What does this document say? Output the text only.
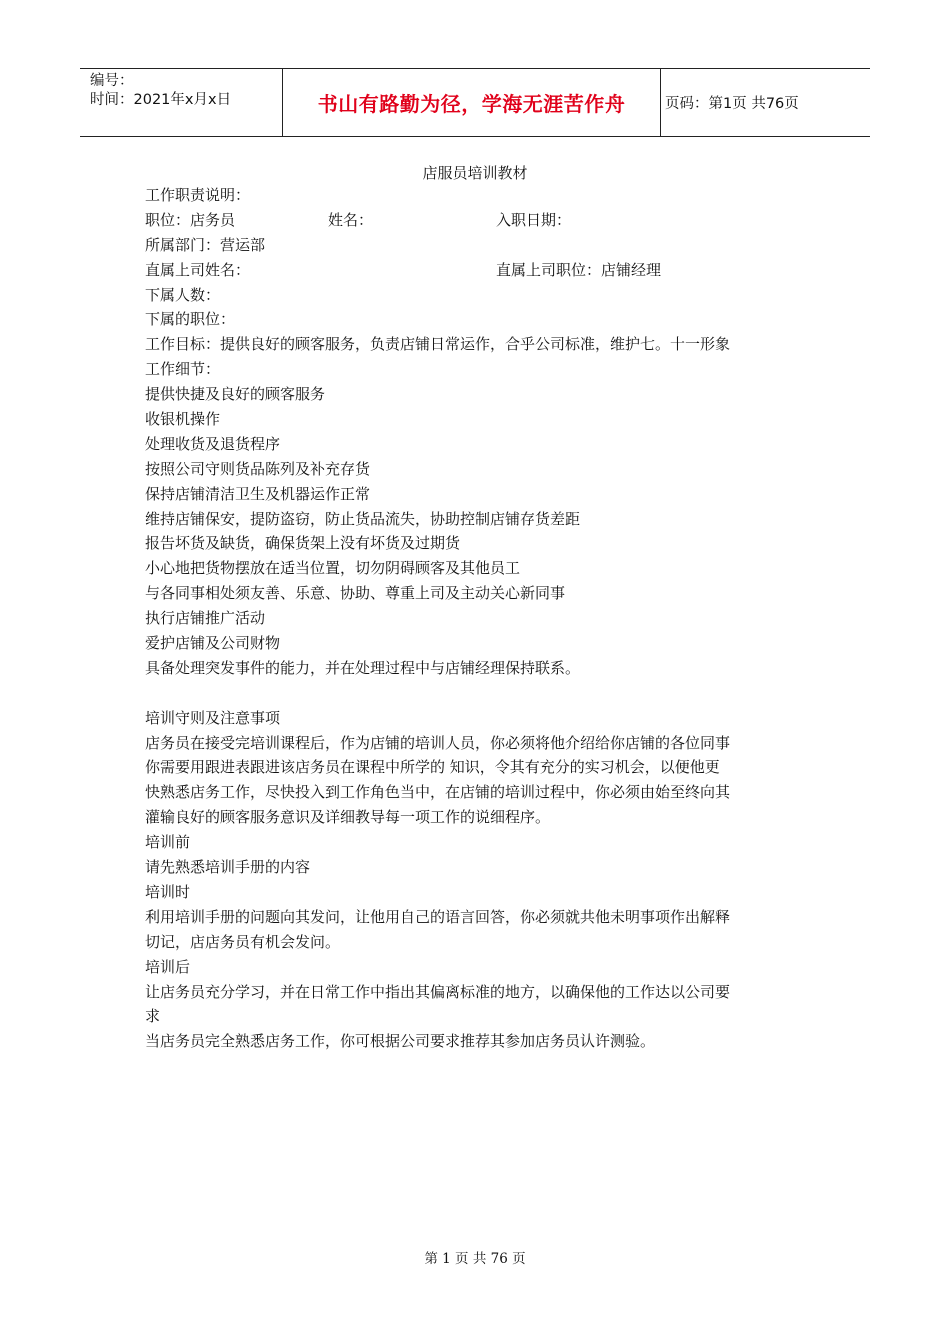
编号：
时间：2021年x月x日	书山有路勤为径，学海无涯苦作舟	页码：第1页 共76页
店服员培训教材
工作职责说明：
职位：店务员	姓名：	入职日期：
所属部门：营运部
直属上司姓名：	直属上司职位：店铺经理
下属人数：
下属的职位：
工作目标：提供良好的顾客服务，负责店铺日常运作，合乎公司标准，维护七。十一形象
工作细节：
提供快捷及良好的顾客服务
收银机操作
处理收货及退货程序
按照公司守则货品陈列及补充存货
保持店铺清洁卫生及机器运作正常
维持店铺保安，提防盗窃，防止货品流失，协助控制店铺存货差距
报告坏货及缺货，确保货架上没有坏货及过期货
小心地把货物摆放在适当位置，切勿阴碍顾客及其他员工
与各同事相处须友善、乐意、协助、尊重上司及主动关心新同事
执行店铺推广活动
爱护店铺及公司财物
具备处理突发事件的能力，并在处理过程中与店铺经理保持联系。
培训守则及注意事项
店务员在接受完培训课程后，作为店铺的培训人员，你必须将他介绍给你店铺的各位同事
你需要用跟进表跟进该店务员在课程中所学的 知识，令其有充分的实习机会，以便他更
快熟悉店务工作，尽快投入到工作角色当中，在店铺的培训过程中，你必须由始至终向其
灌输良好的顾客服务意识及详细教导每一项工作的说细程序。
培训前
请先熟悉培训手册的内容
培训时
利用培训手册的问题向其发问，让他用自己的语言回答，你必须就共他未明事项作出解释
切记，店店务员有机会发问。
培训后
让店务员充分学习，并在日常工作中指出其偏离标准的地方，以确保他的工作达以公司要
求
当店务员完全熟悉店务工作，你可根据公司要求推荐其参加店务员认许测验。
第 1 页 共 76 页
